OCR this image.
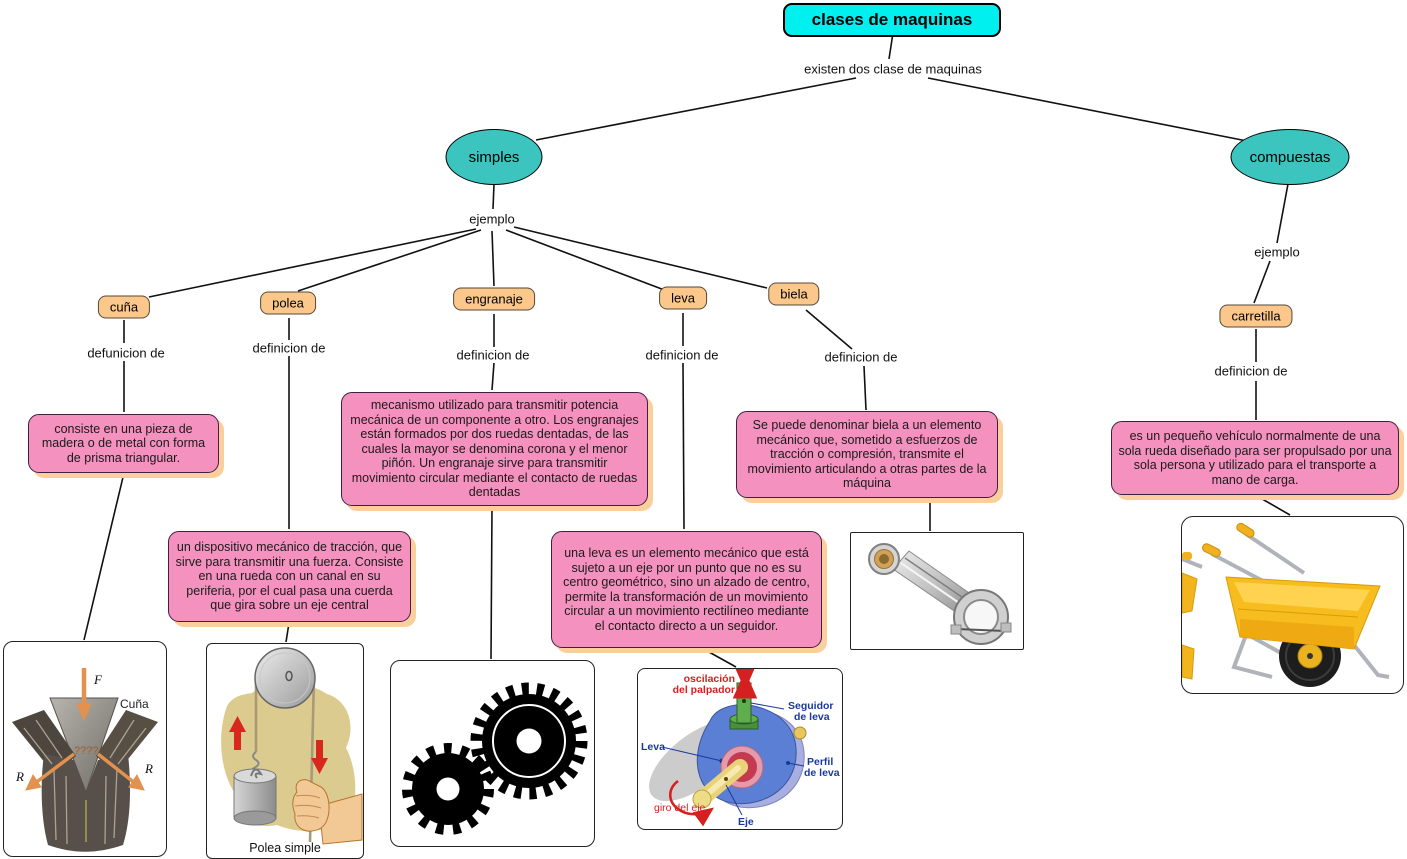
clases de maquinas
existen dos clase de maquinas
simples	compuestas
ejemplo
ejemplo
cuña	polea	engranaje	leva	biela
carretilla
defunicion de	definicion de	definicion de	definicion de	definicion de
definicion de
consiste en una pieza de madera o de metal con forma de prisma triangular.
un dispositivo mecánico de tracción, que sirve para transmitir una fuerza. Consiste en una rueda con un canal en su periferia, por el cual pasa una cuerda que gira sobre un eje central
mecanismo utilizado para transmitir potencia mecánica de un componente a otro. Los engranajes están formados por dos ruedas dentadas, de las cuales la mayor se denomina corona y el menor piñón. Un engranaje sirve para transmitir movimiento circular mediante el contacto de ruedas dentadas
una leva es un elemento mecánico que está sujeto a un eje por un punto que no es su centro geométrico, sino un alzado de centro, permite la transformación de un movimiento circular a un movimiento rectilíneo mediante el contacto directo a un seguidor.
Se puede denominar biela a un elemento mecánico que, sometido a esfuerzos de tracción o compresión, transmite el movimiento articulando a otras partes de la máquina
es un pequeño vehículo normalmente de una sola rueda diseñado para ser propulsado por una sola persona y utilizado para el transporte a mano de carga.
F
R
R
Cuña
????
Polea simple
oscilación
del palpador
Seguidor
de leva
Leva
Perfil
de leva
giro del eje
Eje
